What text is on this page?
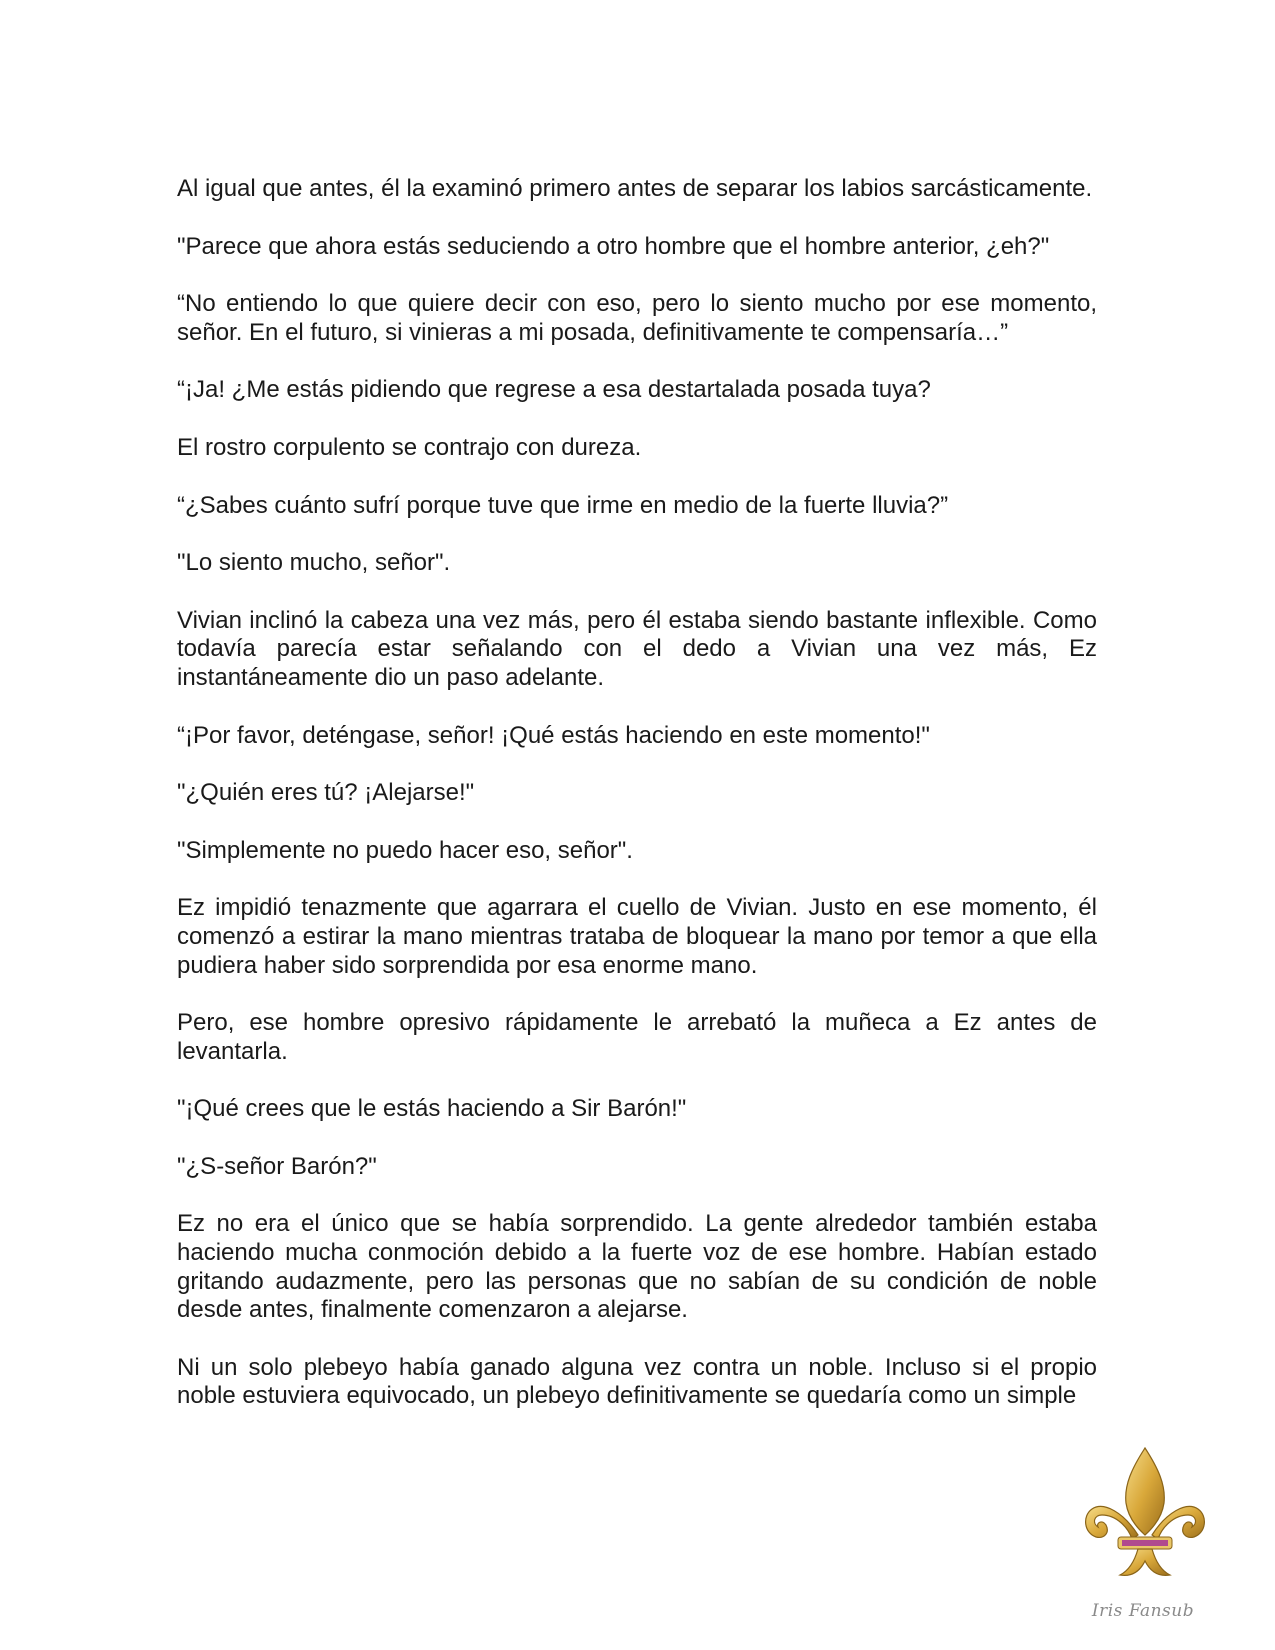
Al igual que antes, él la examinó primero antes de separar los labios sarcásticamente.

"Parece que ahora estás seduciendo a otro hombre que el hombre anterior, ¿eh?"

“No entiendo lo que quiere decir con eso, pero lo siento mucho por ese momento, señor. En el futuro, si vinieras a mi posada, definitivamente te compensaría…”

“¡Ja! ¿Me estás pidiendo que regrese a esa destartalada posada tuya?

El rostro corpulento se contrajo con dureza.

“¿Sabes cuánto sufrí porque tuve que irme en medio de la fuerte lluvia?”

"Lo siento mucho, señor".

Vivian inclinó la cabeza una vez más, pero él estaba siendo bastante inflexible. Como todavía parecía estar señalando con el dedo a Vivian una vez más, Ez instantáneamente dio un paso adelante.

“¡Por favor, deténgase, señor! ¡Qué estás haciendo en este momento!"

"¿Quién eres tú? ¡Alejarse!"

"Simplemente no puedo hacer eso, señor".

Ez impidió tenazmente que agarrara el cuello de Vivian. Justo en ese momento, él comenzó a estirar la mano mientras trataba de bloquear la mano por temor a que ella pudiera haber sido sorprendida por esa enorme mano.

Pero, ese hombre opresivo rápidamente le arrebató la muñeca a Ez antes de levantarla.

"¡Qué crees que le estás haciendo a Sir Barón!"

"¿S-señor Barón?"

Ez no era el único que se había sorprendido. La gente alrededor también estaba haciendo mucha conmoción debido a la fuerte voz de ese hombre. Habían estado gritando audazmente, pero las personas que no sabían de su condición de noble desde antes, finalmente comenzaron a alejarse.

Ni un solo plebeyo había ganado alguna vez contra un noble. Incluso si el propio noble estuviera equivocado, un plebeyo definitivamente se quedaría como un simple

Iris Fansub
